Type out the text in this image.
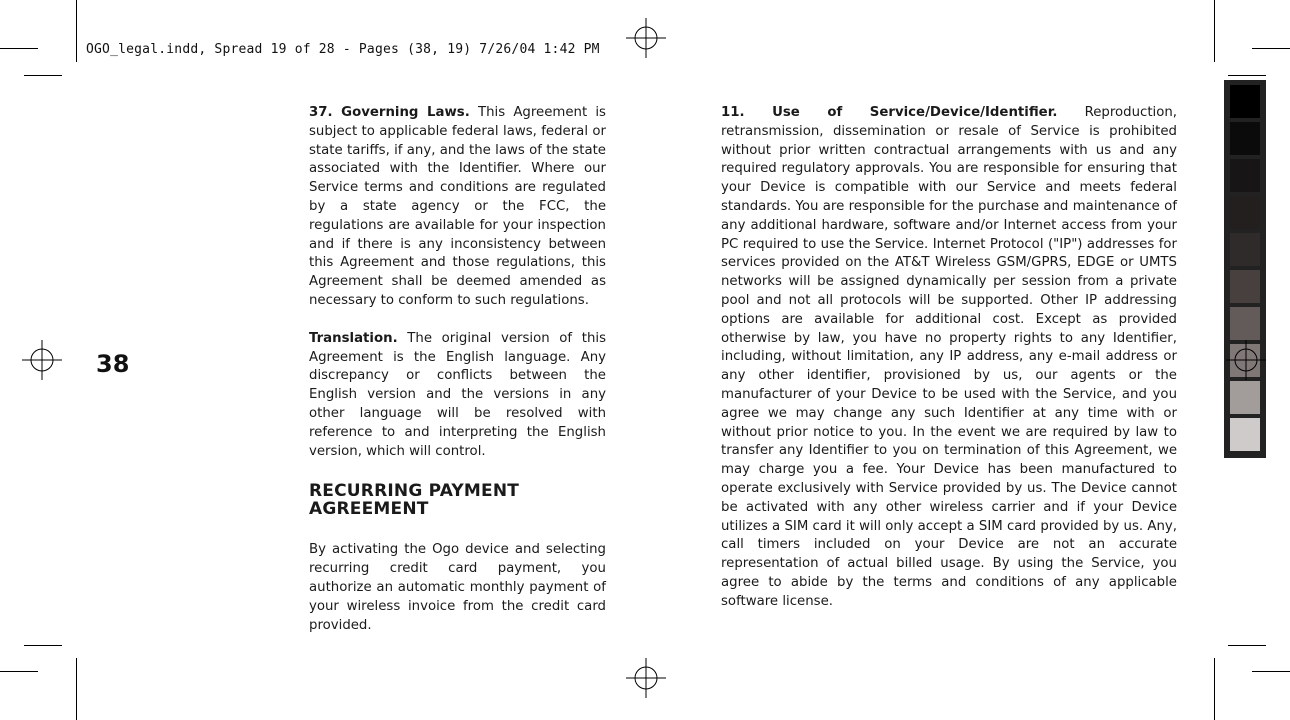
OGO_legal.indd, Spread 19 of 28 - Pages (38, 19) 7/26/04 1:42 PM
38

37. Governing Laws. This Agreement is subject to applicable federal laws, federal or state tariffs, if any, and the laws of the state associated with the Identifier. Where our Service terms and conditions are regulated by a state agency or the FCC, the regulations are available for your inspection and if there is any inconsistency between this Agreement and those regulations, this Agreement shall be deemed amended as necessary to conform to such regulations.

Translation. The original version of this Agreement is the English language. Any discrepancy or conflicts between the English version and the versions in any other language will be resolved with reference to and interpreting the English version, which will control.

RECURRING PAYMENT
AGREEMENT

By activating the Ogo device and selecting recurring credit card payment, you authorize an automatic monthly payment of your wireless invoice from the credit card provided.

11. Use of Service/Device/Identifier. Reproduction, retransmission, dissemination or resale of Service is prohibited without prior written contractual arrangements with us and any required regulatory approvals. You are responsible for ensuring that your Device is compatible with our Service and meets federal standards. You are responsible for the purchase and maintenance of any additional hardware, software and/or Internet access from your PC required to use the Service. Internet Protocol ("IP") addresses for services provided on the AT&T Wireless GSM/GPRS, EDGE or UMTS networks will be assigned dynamically per session from a private pool and not all protocols will be supported. Other IP addressing options are available for additional cost. Except as provided otherwise by law, you have no property rights to any Identifier, including, without limitation, any IP address, any e-mail address or any other identifier, provisioned by us, our agents or the manufacturer of your Device to be used with the Service, and you agree we may change any such Identifier at any time with or without prior notice to you. In the event we are required by law to transfer any Identifier to you on termination of this Agreement, we may charge you a fee. Your Device has been manufactured to operate exclusively with Service provided by us. The Device cannot be activated with any other wireless carrier and if your Device utilizes a SIM card it will only accept a SIM card provided by us. Any, call timers included on your Device are not an accurate representation of actual billed usage. By using the Service, you agree to abide by the terms and conditions of any applicable software license.
